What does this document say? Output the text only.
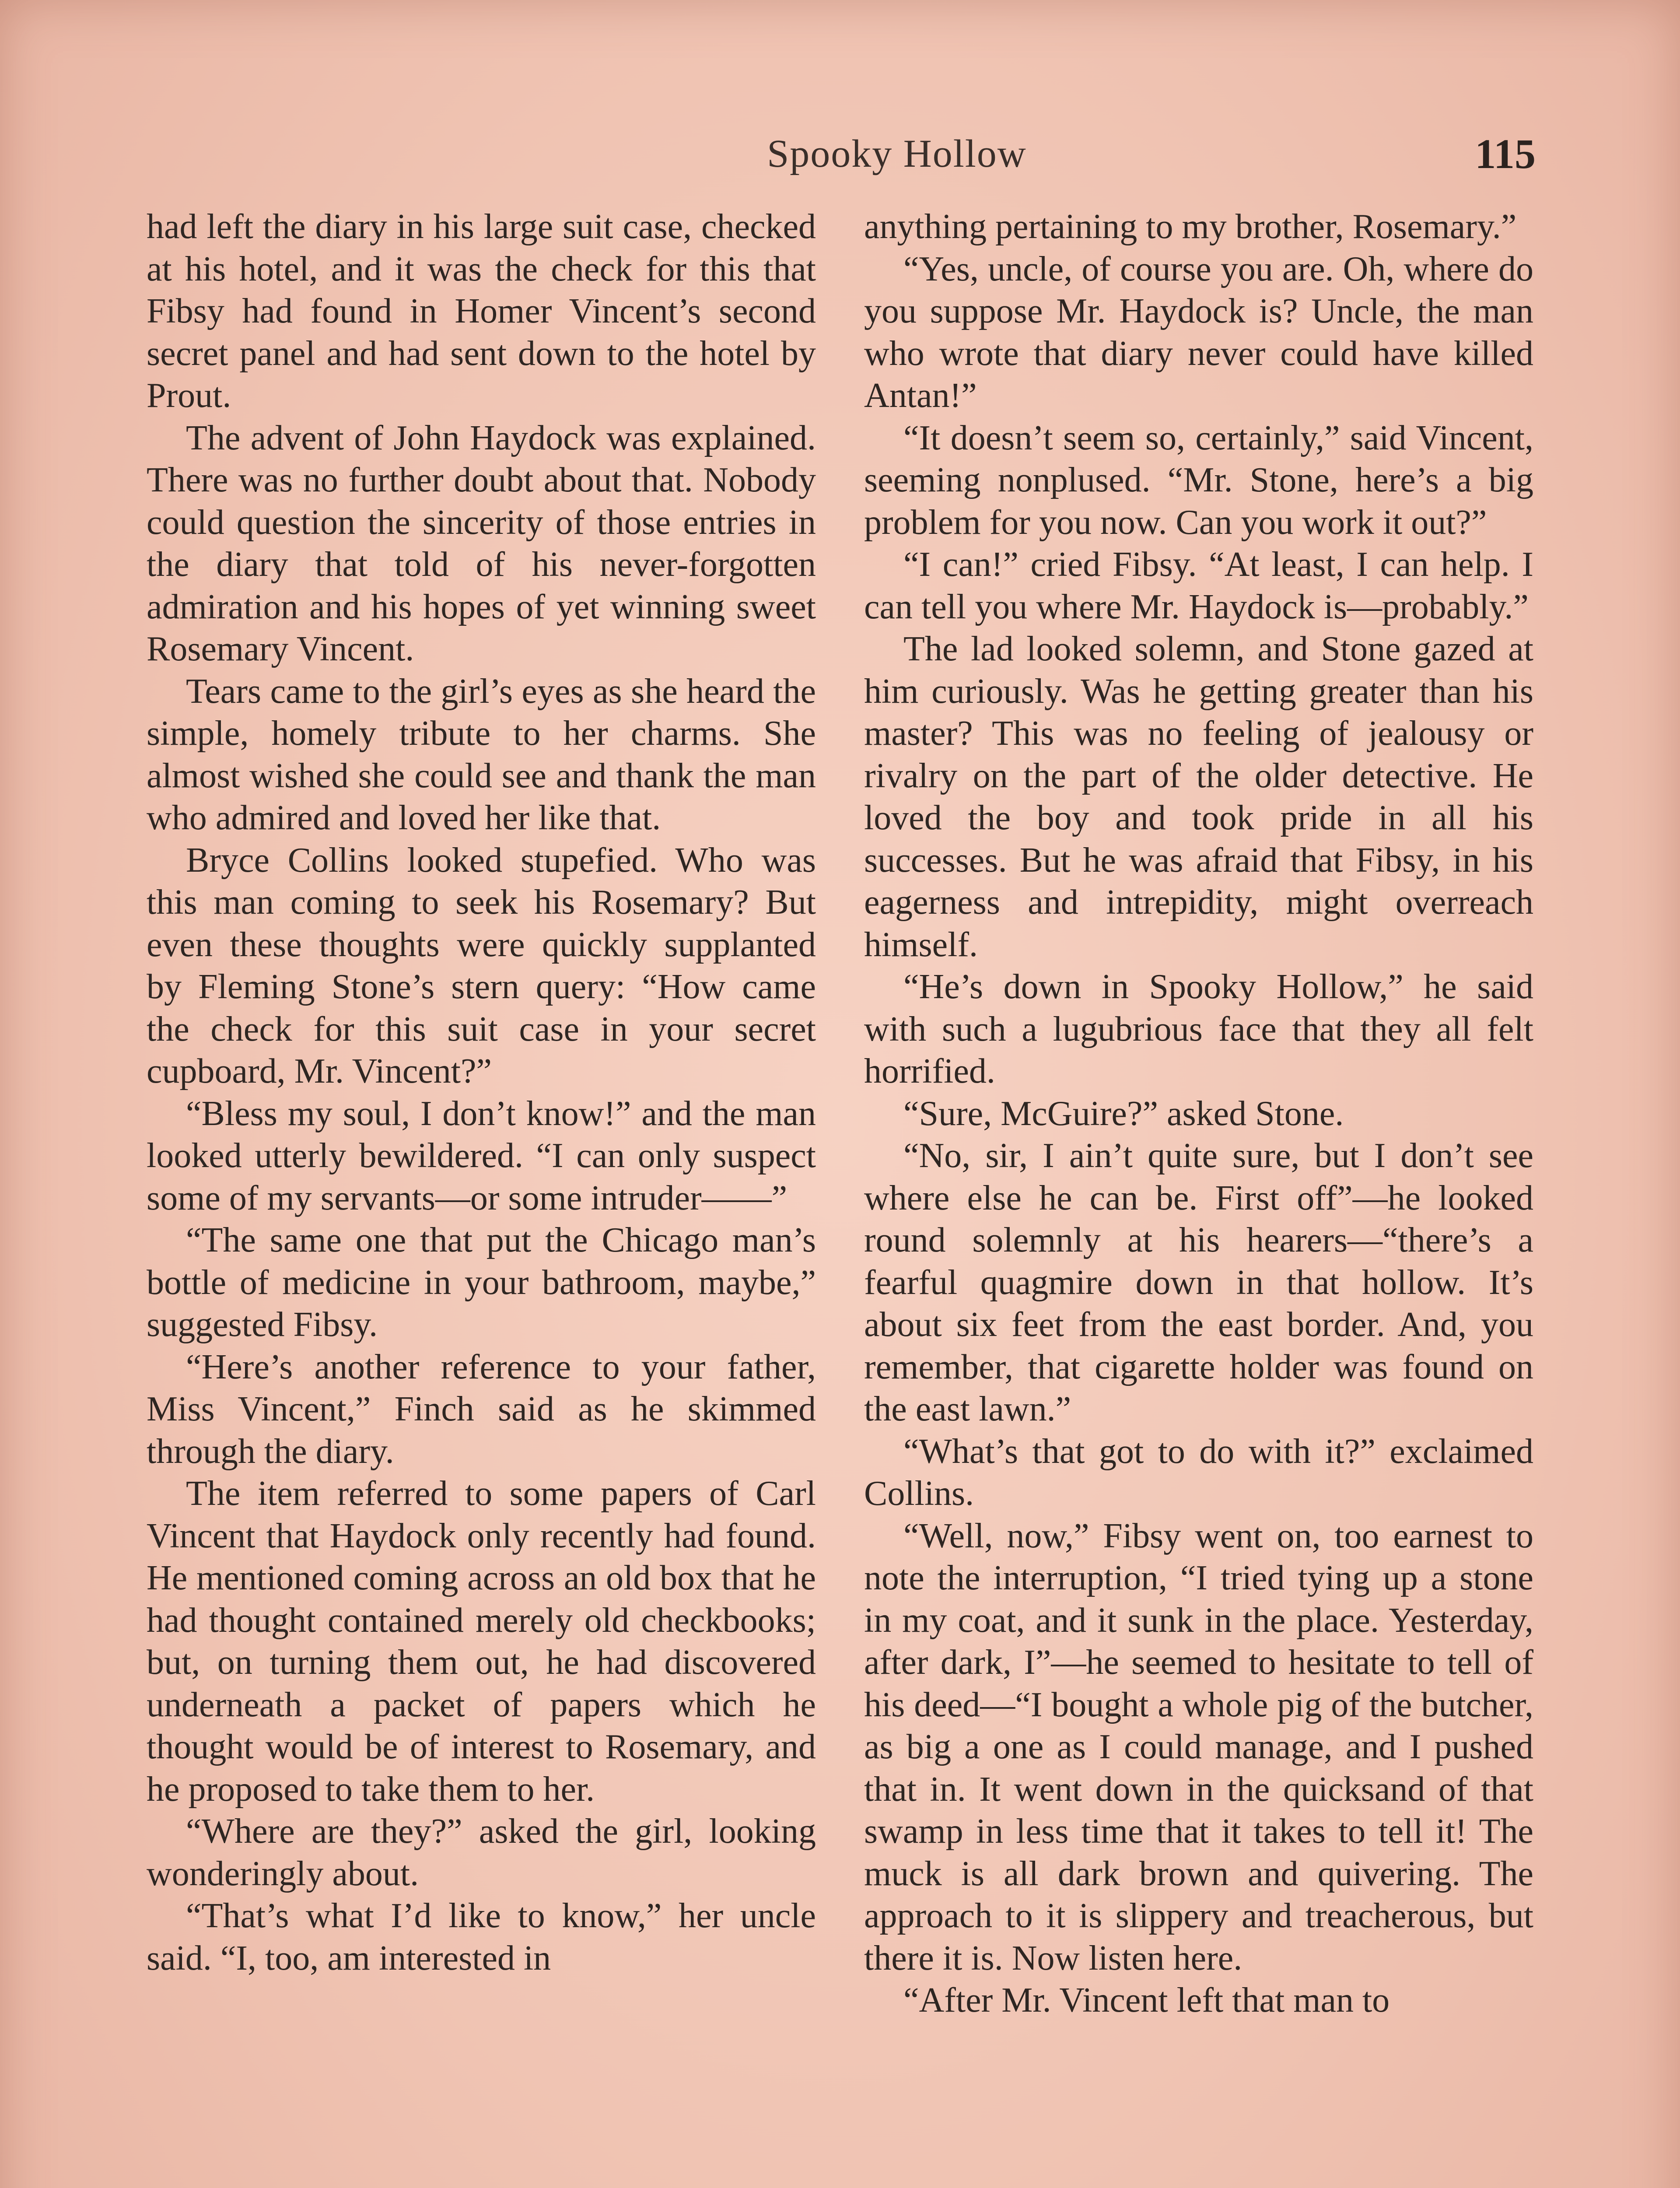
Spooky Hollow	115

had left the diary in his large suit case, checked at his hotel, and it was the check for this that Fibsy had found in Homer Vincent’s second secret panel and had sent down to the hotel by Prout.

The advent of John Haydock was explained. There was no further doubt about that. Nobody could question the sincerity of those entries in the diary that told of his never-forgotten admiration and his hopes of yet winning sweet Rosemary Vincent.

Tears came to the girl’s eyes as she heard the simple, homely tribute to her charms. She almost wished she could see and thank the man who admired and loved her like that.

Bryce Collins looked stupefied. Who was this man coming to seek his Rosemary? But even these thoughts were quickly supplanted by Fleming Stone’s stern query: “How came the check for this suit case in your secret cupboard, Mr. Vincent?”

“Bless my soul, I don’t know!” and the man looked utterly bewildered. “I can only suspect some of my servants—or some intruder——”

“The same one that put the Chicago man’s bottle of medicine in your bathroom, maybe,” suggested Fibsy.

“Here’s another reference to your father, Miss Vincent,” Finch said as he skimmed through the diary.

The item referred to some papers of Carl Vincent that Haydock only recently had found. He mentioned coming across an old box that he had thought contained merely old checkbooks; but, on turning them out, he had discovered underneath a packet of papers which he thought would be of interest to Rosemary, and he proposed to take them to her.

“Where are they?” asked the girl, looking wonderingly about.

“That’s what I’d like to know,” her uncle said. “I, too, am interested in

anything pertaining to my brother, Rosemary.”

“Yes, uncle, of course you are. Oh, where do you suppose Mr. Haydock is? Uncle, the man who wrote that diary never could have killed Antan!”

“It doesn’t seem so, certainly,” said Vincent, seeming nonplused. “Mr. Stone, here’s a big problem for you now. Can you work it out?”

“I can!” cried Fibsy. “At least, I can help. I can tell you where Mr. Haydock is—probably.”

The lad looked solemn, and Stone gazed at him curiously. Was he getting greater than his master? This was no feeling of jealousy or rivalry on the part of the older detective. He loved the boy and took pride in all his successes. But he was afraid that Fibsy, in his eagerness and intrepidity, might overreach himself.

“He’s down in Spooky Hollow,” he said with such a lugubrious face that they all felt horrified.

“Sure, McGuire?” asked Stone.

“No, sir, I ain’t quite sure, but I don’t see where else he can be. First off”—he looked round solemnly at his hearers—“there’s a fearful quagmire down in that hollow. It’s about six feet from the east border. And, you remember, that cigarette holder was found on the east lawn.”

“What’s that got to do with it?” exclaimed Collins.

“Well, now,” Fibsy went on, too earnest to note the interruption, “I tried tying up a stone in my coat, and it sunk in the place. Yesterday, after dark, I”—he seemed to hesitate to tell of his deed—“I bought a whole pig of the butcher, as big a one as I could manage, and I pushed that in. It went down in the quicksand of that swamp in less time that it takes to tell it! The muck is all dark brown and quivering. The approach to it is slippery and treacherous, but there it is. Now listen here.

“After Mr. Vincent left that man to
